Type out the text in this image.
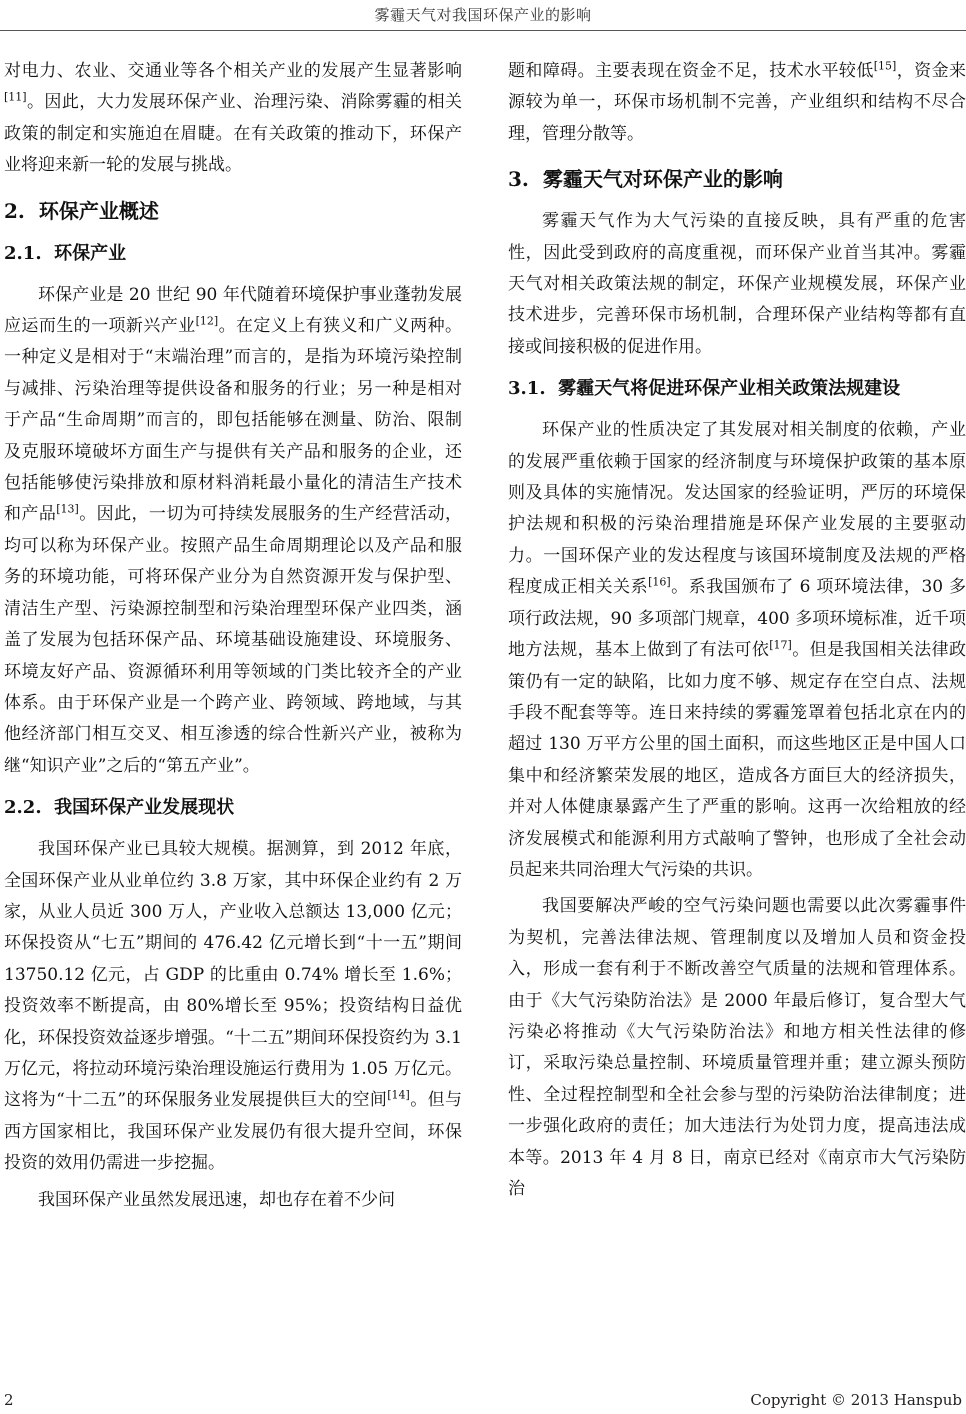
雾霾天气对我国环保产业的影响

对电力、农业、交通业等各个相关产业的发展产生显著影响[11]。因此，大力发展环保产业、治理污染、消除雾霾的相关政策的制定和实施迫在眉睫。在有关政策的推动下，环保产业将迎来新一轮的发展与挑战。

2. 环保产业概述
2.1. 环保产业

环保产业是 20 世纪 90 年代随着环境保护事业蓬勃发展应运而生的一项新兴产业[12]。在定义上有狭义和广义两种。一种定义是相对于“末端治理”而言的，是指为环境污染控制与减排、污染治理等提供设备和服务的行业；另一种是相对于产品“生命周期”而言的，即包括能够在测量、防治、限制及克服环境破坏方面生产与提供有关产品和服务的企业，还包括能够使污染排放和原材料消耗最小量化的清洁生产技术和产品[13]。因此，一切为可持续发展服务的生产经营活动，均可以称为环保产业。按照产品生命周期理论以及产品和服务的环境功能，可将环保产业分为自然资源开发与保护型、清洁生产型、污染源控制型和污染治理型环保产业四类，涵盖了发展为包括环保产品、环境基础设施建设、环境服务、环境友好产品、资源循环利用等领域的门类比较齐全的产业体系。由于环保产业是一个跨产业、跨领域、跨地域，与其他经济部门相互交叉、相互渗透的综合性新兴产业，被称为继“知识产业”之后的“第五产业”。

2.2. 我国环保产业发展现状

我国环保产业已具较大规模。据测算，到 2012 年底，全国环保产业从业单位约 3.8 万家，其中环保企业约有 2 万家，从业人员近 300 万人，产业收入总额达 13,000 亿元；环保投资从“七五”期间的 476.42 亿元增长到“十一五”期间 13750.12 亿元，占 GDP 的比重由 0.74% 增长至 1.6%；投资效率不断提高，由 80%增长至 95%；投资结构日益优化，环保投资效益逐步增强。“十二五”期间环保投资约为 3.1 万亿元，将拉动环境污染治理设施运行费用为 1.05 万亿元。这将为“十二五”的环保服务业发展提供巨大的空间[14]。但与西方国家相比，我国环保产业发展仍有很大提升空间，环保投资的效用仍需进一步挖掘。

我国环保产业虽然发展迅速，却也存在着不少问

题和障碍。主要表现在资金不足，技术水平较低[15]，资金来源较为单一，环保市场机制不完善，产业组织和结构不尽合理，管理分散等。

3. 雾霾天气对环保产业的影响

雾霾天气作为大气污染的直接反映，具有严重的危害性，因此受到政府的高度重视，而环保产业首当其冲。雾霾天气对相关政策法规的制定，环保产业规模发展，环保产业技术进步，完善环保市场机制，合理环保产业结构等都有直接或间接积极的促进作用。

3.1. 雾霾天气将促进环保产业相关政策法规建设

环保产业的性质决定了其发展对相关制度的依赖，产业的发展严重依赖于国家的经济制度与环境保护政策的基本原则及具体的实施情况。发达国家的经验证明，严厉的环境保护法规和积极的污染治理措施是环保产业发展的主要驱动力。一国环保产业的发达程度与该国环境制度及法规的严格程度成正相关关系[16]。系我国颁布了 6 项环境法律，30 多项行政法规，90 多项部门规章，400 多项环境标准，近千项地方法规，基本上做到了有法可依[17]。但是我国相关法律政策仍有一定的缺陷，比如力度不够、规定存在空白点、法规手段不配套等等。连日来持续的雾霾笼罩着包括北京在内的超过 130 万平方公里的国土面积，而这些地区正是中国人口集中和经济繁荣发展的地区，造成各方面巨大的经济损失，并对人体健康暴露产生了严重的影响。这再一次给粗放的经济发展模式和能源利用方式敲响了警钟，也形成了全社会动员起来共同治理大气污染的共识。

我国要解决严峻的空气污染问题也需要以此次雾霾事件为契机，完善法律法规、管理制度以及增加人员和资金投入，形成一套有利于不断改善空气质量的法规和管理体系。由于《大气污染防治法》是 2000 年最后修订，复合型大气污染必将推动《大气污染防治法》和地方相关性法律的修订，采取污染总量控制、环境质量管理并重；建立源头预防性、全过程控制型和全社会参与型的污染防治法律制度；进一步强化政府的责任；加大违法行为处罚力度，提高违法成本等。2013 年 4 月 8 日，南京已经对《南京市大气污染防治

2	Copyright © 2013 Hanspub
